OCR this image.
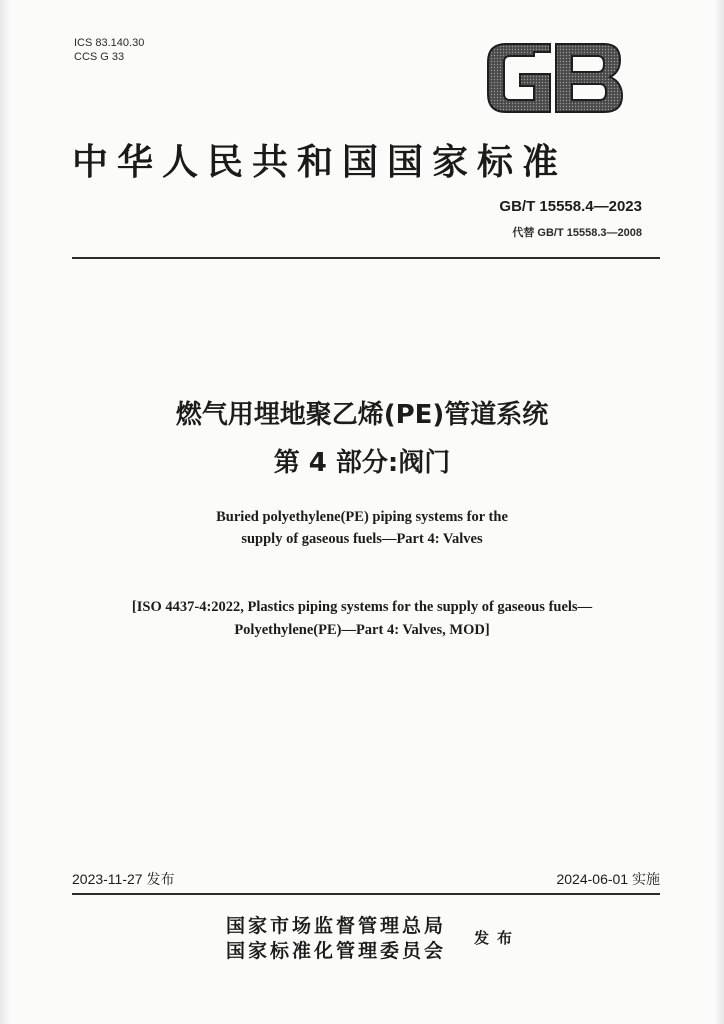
ICS 83.140.30
CCS G 33
中华人民共和国国家标准
GB/T 15558.4—2023
代替 GB/T 15558.3—2008
燃气用埋地聚乙烯(PE)管道系统
第 4 部分:阀门
Buried polyethylene(PE) piping systems for the
supply of gaseous fuels—Part 4: Valves
[ISO 4437-4:2022, Plastics piping systems for the supply of gaseous fuels—
Polyethylene(PE)—Part 4: Valves, MOD]
2023-11-27 发布	2024-06-01 实施
国家市场监督管理总局
国家标准化管理委员会
发布
